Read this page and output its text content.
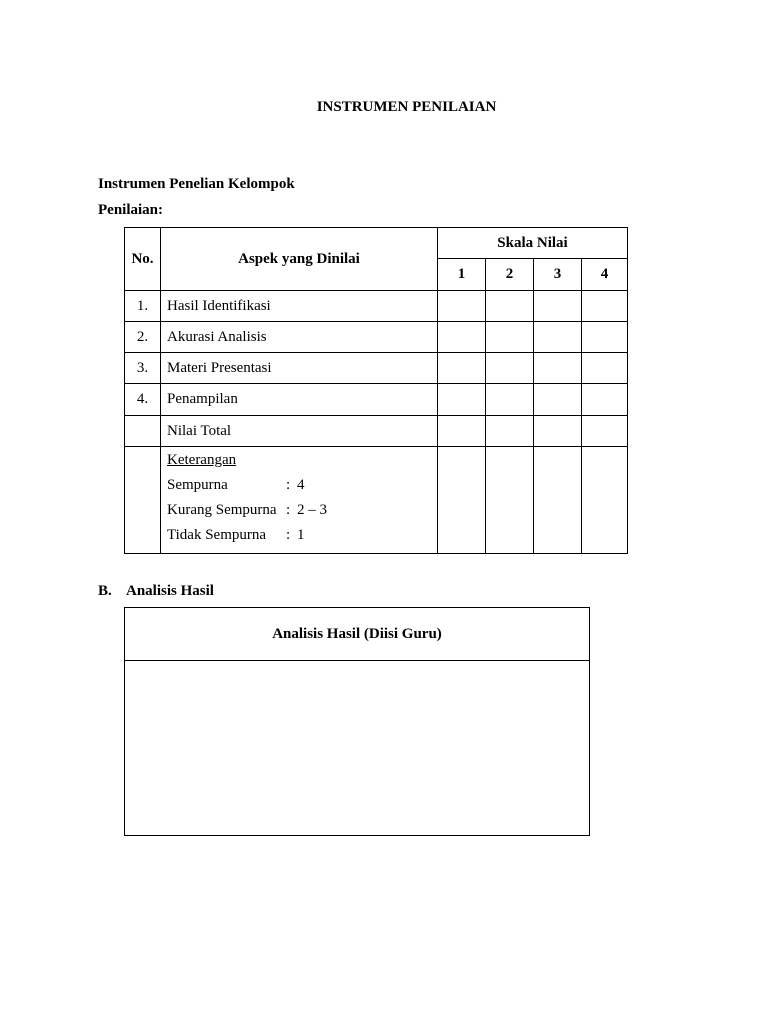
INSTRUMEN PENILAIAN
Instrumen Penelian Kelompok
Penilaian:
No.	Aspek yang Dinilai	Skala Nilai			
		1	2	3	4
1.	Hasil Identifikasi				
2.	Akurasi Analisis				
3.	Materi Presentasi				
4.	Penampilan				
	Nilai Total				

	Keterangan
Sempurna : 4
Kurang Sempurna : 2 – 3
Tidak Sempurna : 1				

B. Analisis Hasil
Analisis Hasil (Diisi Guru)
